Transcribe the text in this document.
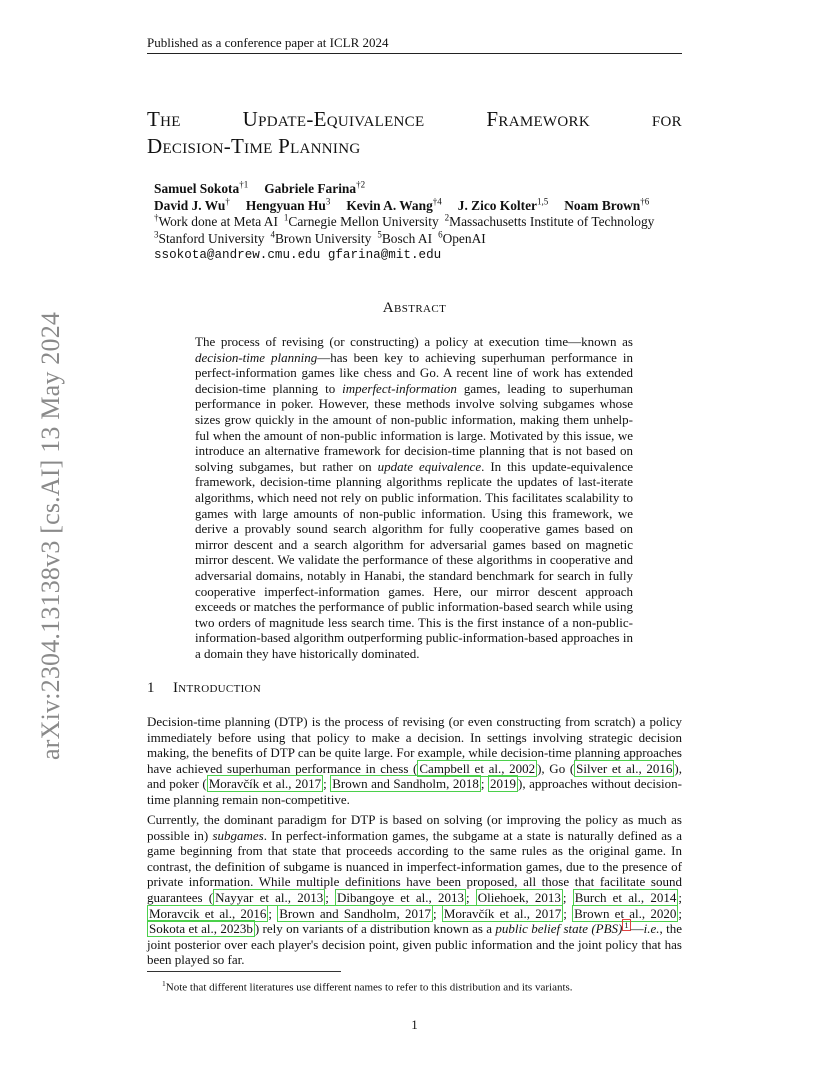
Published as a conference paper at ICLR 2024
arXiv:2304.13138v3 [cs.AI] 13 May 2024
The Update-Equivalence Framework for
Decision-Time Planning
Samuel Sokota$^{\dagger 1}$ Gabriele Farina$^{\dagger 2}$
David J. Wu† Hengyuan Hu$^3$ Kevin A. Wang$^{\dagger 4}$ J. Zico Kolter$^{1,5}$ Noam Brown$^{\dagger 6}$
†Work done at Meta AI $^1$Carnegie Mellon University $^2$Massachusetts Institute of Technology
$^3$Stanford University $^4$Brown University $^5$Bosch AI $^6$OpenAI
ssokota@andrew.cmu.edu gfarina@mit.edu
Abstract
The process of revising (or constructing) a policy at execution time—known as decision-time planning—has been key to achieving superhuman performance in perfect-information games like chess and Go. A recent line of work has extended decision-time planning to imperfect-information games, leading to superhuman performance in poker. However, these methods involve solving subgames whose sizes grow quickly in the amount of non-public information, making them unhelpful when the amount of non-public information is large. Motivated by this issue, we introduce an alternative framework for decision-time planning that is not based on solving subgames, but rather on update equivalence. In this update-equivalence framework, decision-time planning algorithms replicate the updates of last-iterate algorithms, which need not rely on public information. This facilitates scalability to games with large amounts of non-public information. Using this framework, we derive a provably sound search algorithm for fully cooperative games based on mirror descent and a search algorithm for adversarial games based on magnetic mirror descent. We validate the performance of these algorithms in cooperative and adversarial domains, notably in Hanabi, the standard benchmark for search in fully cooperative imperfect-information games. Here, our mirror descent approach exceeds or matches the performance of public information-based search while using two orders of magnitude less search time. This is the first instance of a non-public-information-based algorithm outperforming public-information-based approaches in a domain they have historically dominated.
1 Introduction
Decision-time planning (DTP) is the process of revising (or even constructing from scratch) a policy immediately before using that policy to make a decision. In settings involving strategic decision making, the benefits of DTP can be quite large. For example, while decision-time planning approaches have achieved superhuman performance in chess ( Campbell et al., 2002 ), Go ( Silver et al., 2016 ), and poker ( Moravčík et al., 2017 ; Brown and Sandholm, 2018 ; 2019 ), approaches without decision-time planning remain non-competitive.
Currently, the dominant paradigm for DTP is based on solving (or improving the policy as much as possible in) subgames. In perfect-information games, the subgame at a state is naturally defined as a game beginning from that state that proceeds according to the same rules as the original game. In contrast, the definition of subgame is nuanced in imperfect-information games, due to the presence of private information. While multiple definitions have been proposed, all those that facilitate sound guarantees ( Nayyar et al., 2013 ; Dibangoye et al., 2013 ; Oliehoek, 2013 ; Burch et al., 2014 ; Moravcik et al., 2016 ; Brown and Sandholm, 2017 ; Moravčík et al., 2017 ; Brown et al., 2020 ; Sokota et al., 2023b ) rely on variants of a distribution known as a public belief state (PBS) $^1$ —i.e., the joint posterior over each player's decision point, given public information and the joint policy that has been played so far.
$^1$Note that different literatures use different names to refer to this distribution and its variants.
1
